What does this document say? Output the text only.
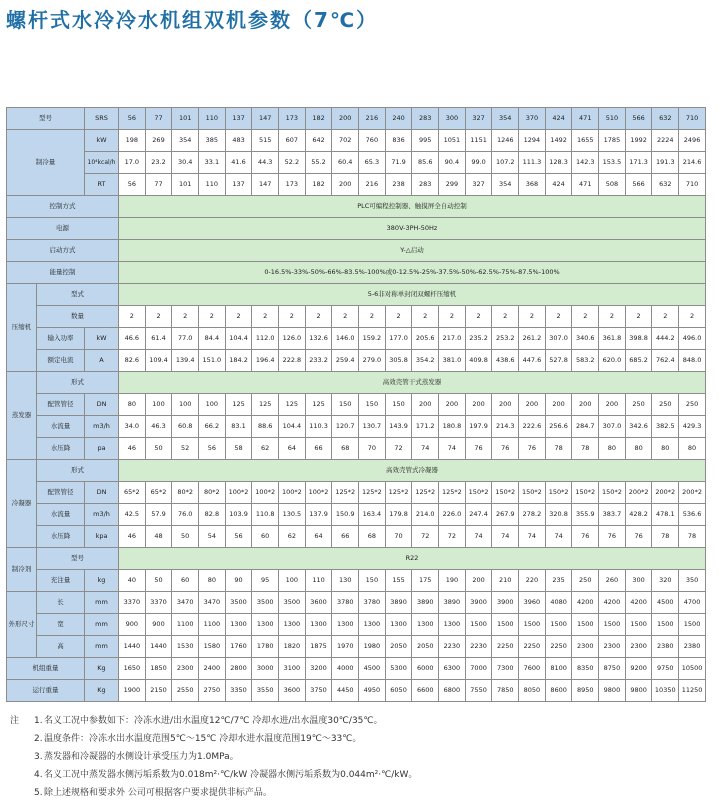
螺杆式水冷冷水机组双机参数（7℃）
型号		SRS	56	77	101	110	137	147	173	182	200	216	240	283	300	327	354	370	424	471	510	566	632	710
制冷量		kW	198	269	354	385	483	515	607	642	702	760	836	995	1051	1151	1246	1294	1492	1655	1785	1992	2224	2496
		10⁴kcal/h	17.0	23.2	30.4	33.1	41.6	44.3	52.2	55.2	60.4	65.3	71.9	85.6	90.4	99.0	107.2	111.3	128.3	142.3	153.5	171.3	191.3	214.6
		RT	56	77	101	110	137	147	173	182	200	216	238	283	299	327	354	368	424	471	508	566	632	710
控制方式			PLC可编程控制器、触摸屏全自动控制																					
电源			380V-3PH-50Hz																					
启动方式			Y-△启动																					
能量控制			0-16.5%-33%-50%-66%-83.5%-100%或0-12.5%-25%-37.5%-50%-62.5%-75%-87.5%-100%																					
压缩机	型式		5-6非对称单封闭双螺杆压缩机																					
	数量		2	2	2	2	2	2	2	2	2	2	2	2	2	2	2	2	2	2	2	2	2	2
	输入功率	kW	46.6	61.4	77.0	84.4	104.4	112.0	126.0	132.6	146.0	159.2	177.0	205.6	217.0	235.2	253.2	261.2	307.0	340.6	361.8	398.8	444.2	496.0
	额定电流	A	82.6	109.4	139.4	151.0	184.2	196.4	222.8	233.2	259.4	279.0	305.8	354.2	381.0	409.8	438.6	447.6	527.8	583.2	620.0	685.2	762.4	848.0
蒸发器	形式		高效壳管干式蒸发器																					
	配管管径	DN	80	100	100	100	125	125	125	125	150	150	150	200	200	200	200	200	200	200	200	250	250	250
	水流量	m3/h	34.0	46.3	60.8	66.2	83.1	88.6	104.4	110.3	120.7	130.7	143.9	171.2	180.8	197.9	214.3	222.6	256.6	284.7	307.0	342.6	382.5	429.3
	水压降	pa	46	50	52	56	58	62	64	66	68	70	72	74	74	76	76	76	78	78	80	80	80	80
冷凝器	形式		高效壳管式冷凝器																					
	配管管径	DN	65*2	65*2	80*2	80*2	100*2	100*2	100*2	100*2	125*2	125*2	125*2	125*2	125*2	150*2	150*2	150*2	150*2	150*2	150*2	200*2	200*2	200*2
	水流量	m3/h	42.5	57.9	76.0	82.8	103.9	110.8	130.5	137.9	150.9	163.4	179.8	214.0	226.0	247.4	267.9	278.2	320.8	355.9	383.7	428.2	478.1	536.6
	水压降	kpa	46	48	50	54	56	60	62	64	66	68	70	72	72	74	74	74	74	76	76	76	78	78
制冷剂	型号		R22																					
	充注量	kg	40	50	60	80	90	95	100	110	130	150	155	175	190	200	210	220	235	250	260	300	320	350
外形尺寸	长	mm	3370	3370	3470	3470	3500	3500	3500	3600	3780	3780	3890	3890	3890	3900	3900	3960	4080	4200	4200	4200	4500	4700
	宽	mm	900	900	1100	1100	1300	1300	1300	1300	1300	1300	1300	1300	1300	1500	1500	1500	1500	1500	1500	1500	1500	1500
	高	mm	1440	1440	1530	1580	1760	1780	1820	1875	1970	1980	2050	2050	2230	2230	2250	2250	2250	2300	2300	2300	2380	2380
机组重量		Kg	1650	1850	2300	2400	2800	3000	3100	3200	4000	4500	5300	6000	6300	7000	7300	7600	8100	8350	8750	9200	9750	10500
运行重量		Kg	1900	2150	2550	2750	3350	3550	3600	3750	4450	4950	6050	6600	6800	7550	7850	8050	8600	8950	9800	9800	10350	11250
注	1. 名义工况中参数如下：冷冻水进/出水温度12℃/7℃ 冷却水进/出水温度30℃/35℃。
2. 温度条件：冷冻水出水温度范围5℃～15℃ 冷却水进水温度范围19℃～33℃。
3. 蒸发器和冷凝器的水侧设计承受压力为1.0MPa。
4. 名义工况中蒸发器水侧污垢系数为0.018m²·℃/kW 冷凝器水侧污垢系数为0.044m²·℃/kW。
5. 除上述规格和要求外 公司可根据客户要求提供非标产品。
